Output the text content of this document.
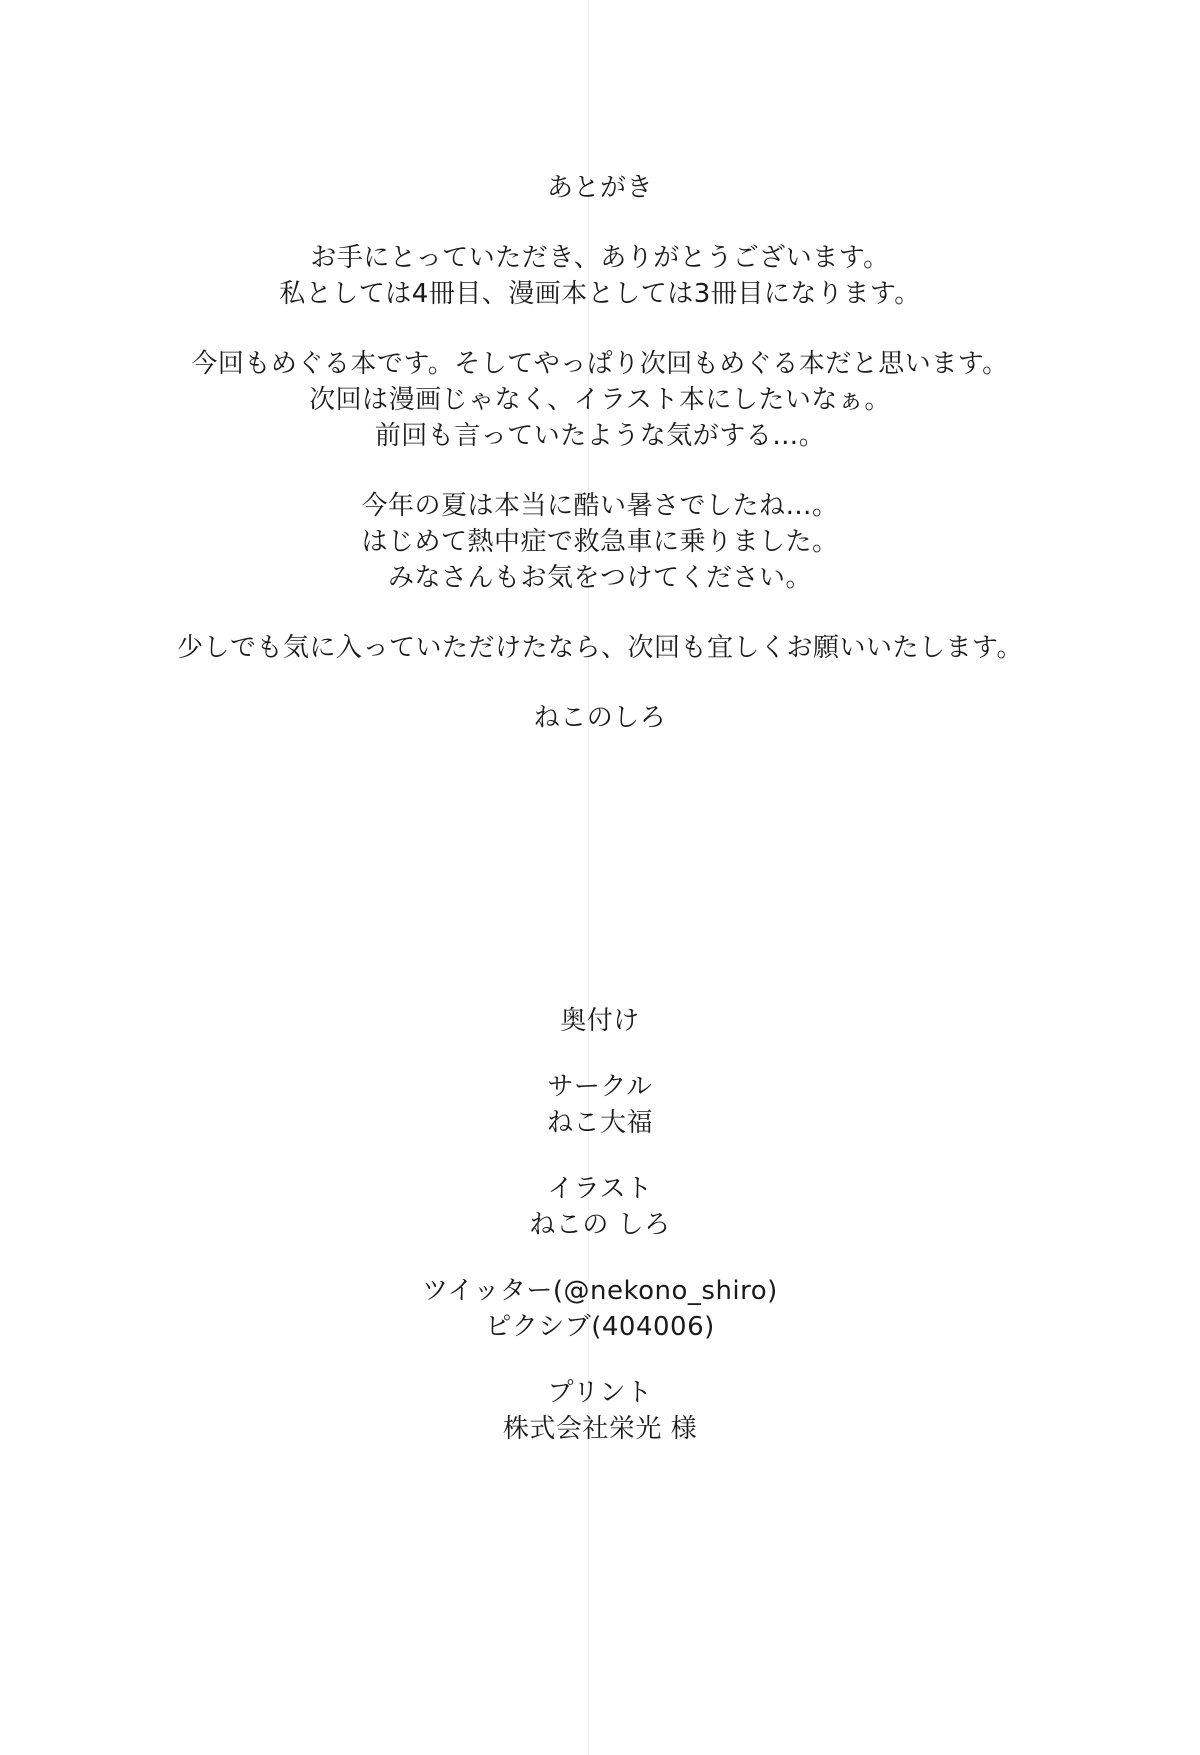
あとがき
お手にとっていただき、ありがとうございます。
私としては4冊目、漫画本としては3冊目になります。
今回もめぐる本です。そしてやっぱり次回もめぐる本だと思います。
次回は漫画じゃなく、イラスト本にしたいなぁ。
前回も言っていたような気がする…。
今年の夏は本当に酷い暑さでしたね…。
はじめて熱中症で救急車に乗りました。
みなさんもお気をつけてください。
少しでも気に入っていただけたなら、次回も宜しくお願いいたします。
ねこのしろ
奥付け
サークル
ねこ大福
イラスト
ねこの しろ
ツイッター(@nekono_shiro)
ピクシブ(404006)
プリント
株式会社栄光 様
